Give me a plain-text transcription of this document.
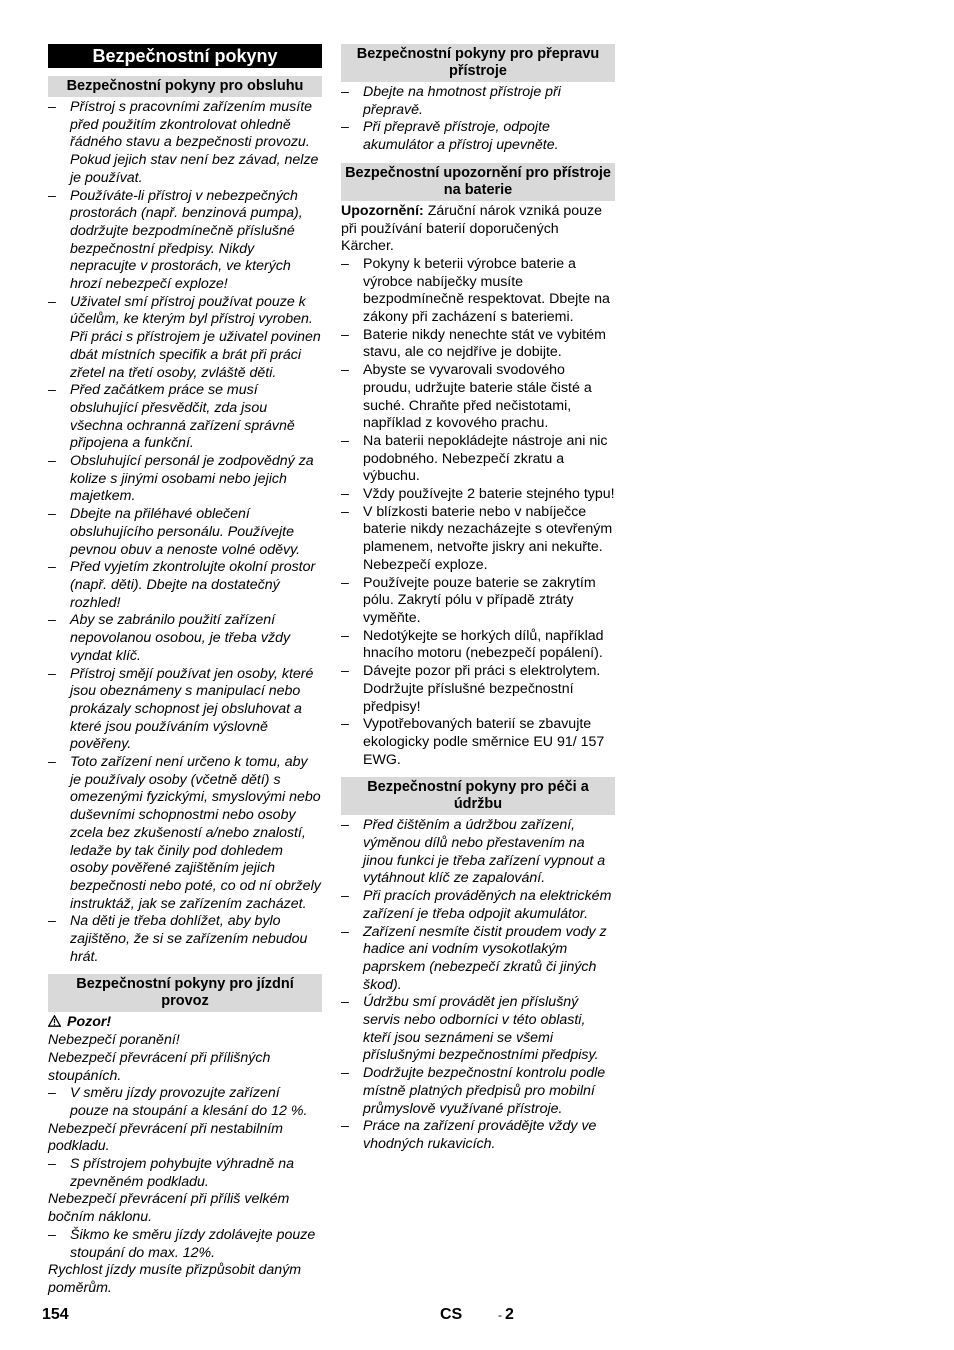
Bezpečnostní pokyny
Bezpečnostní pokyny pro obsluhu
– Přístroj s pracovními zařízením musíte před použitím zkontrolovat ohledně řádného stavu a bezpečnosti provozu. Pokud jejich stav není bez závad, nelze je používat.
– Používáte-li přístroj v nebezpečných prostorách (např. benzinová pumpa), dodržujte bezpodmínečně příslušné bezpečnostní předpisy. Nikdy nepracujte v prostorách, ve kterých hrozí nebezpečí exploze!
– Uživatel smí přístroj používat pouze k účelům, ke kterým byl přístroj vyroben. Při práci s přístrojem je uživatel povinen dbát místních specifik a brát při práci zřetel na třetí osoby, zvláště děti.
– Před začátkem práce se musí obsluhující přesvědčit, zda jsou všechna ochranná zařízení správně připojena a funkční.
– Obsluhující personál je zodpovědný za kolize s jinými osobami nebo jejich majetkem.
– Dbejte na přiléhavé oblečení obsluhujícího personálu. Používejte pevnou obuv a nenoste volné oděvy.
– Před vyjetím zkontrolujte okolní prostor (např. děti). Dbejte na dostatečný rozhled!
– Aby se zabránilo použití zařízení nepovolanou osobou, je třeba vždy vyndat klíč.
– Přístroj smějí používat jen osoby, které jsou obeznámeny s manipulací nebo prokázaly schopnost jej obsluhovat a které jsou používáním výslovně pověřeny.
– Toto zařízení není určeno k tomu, aby je používaly osoby (včetně dětí) s omezenými fyzickými, smyslovými nebo duševními schopnostmi nebo osoby zcela bez zkušeností a/nebo znalostí, ledaže by tak činily pod dohledem osoby pověřené zajištěním jejich bezpečnosti nebo poté, co od ní obržely instruktáž, jak se zařízením zacházet.
– Na děti je třeba dohlížet, aby bylo zajištěno, že si se zařízením nebudou hrát.
Bezpečnostní pokyny pro jízdní provoz
Pozor!

Nebezpečí poranění!

Nebezpečí převrácení při přílišných stoupáních.

– V směru jízdy provozujte zařízení pouze na stoupání a klesání do 12 %.

Nebezpečí převrácení při nestabilním podkladu.

– S přístrojem pohybujte výhradně na zpevněném podkladu.

Nebezpečí převrácení při příliš velkém bočním náklonu.

– Šikmo ke směru jízdy zdolávejte pouze stoupání do max. 12%.

Rychlost jízdy musíte přizpůsobit daným poměrům.

Bezpečnostní pokyny pro přepravu přístroje
– Dbejte na hmotnost přístroje při přepravě.
– Při přepravě přístroje, odpojte akumulátor a přístroj upevněte.
Bezpečnostní upozornění pro přístroje na baterie

Upozornění: Záruční nárok vzniká pouze při používání baterií doporučených Kärcher.

– Pokyny k beterii výrobce baterie a výrobce nabíječky musíte bezpodmínečně respektovat. Dbejte na zákony při zacházení s bateriemi.
– Baterie nikdy nenechte stát ve vybitém stavu, ale co nejdříve je dobijte.
– Abyste se vyvarovali svodového proudu, udržujte baterie stále čisté a suché. Chraňte před nečistotami, například z kovového prachu.
– Na baterii nepokládejte nástroje ani nic podobného. Nebezpečí zkratu a výbuchu.
– Vždy používejte 2 baterie stejného typu!
– V blízkosti baterie nebo v nabíječce baterie nikdy nezacházejte s otevřeným plamenem, netvořte jiskry ani nekuřte. Nebezpečí exploze.
– Používejte pouze baterie se zakrytím pólu. Zakrytí pólu v případě ztráty vyměňte.
– Nedotýkejte se horkých dílů, například hnacího motoru (nebezpečí popálení).
– Dávejte pozor při práci s elektrolytem. Dodržujte příslušné bezpečnostní předpisy!
– Vypotřebovaných baterií se zbavujte ekologicky podle směrnice EU 91/ 157 EWG.
Bezpečnostní pokyny pro péči a údržbu
– Před čištěním a údržbou zařízení, výměnou dílů nebo přestavením na jinou funkci je třeba zařízení vypnout a vytáhnout klíč ze zapalování.
– Při pracích prováděných na elektrickém zařízení je třeba odpojit akumulátor.
– Zařízení nesmíte čistit proudem vody z hadice ani vodním vysokotlakým paprskem (nebezpečí zkratů či jiných škod).
– Údržbu smí provádět jen příslušný servis nebo odborníci v této oblasti, kteří jsou seznámeni se všemi příslušnými bezpečnostními předpisy.
– Dodržujte bezpečnostní kontrolu podle místně platných předpisů pro mobilní průmyslově využívané přístroje.
– Práce na zařízení provádějte vždy ve vhodných rukavicích.
154	CS	- 2
